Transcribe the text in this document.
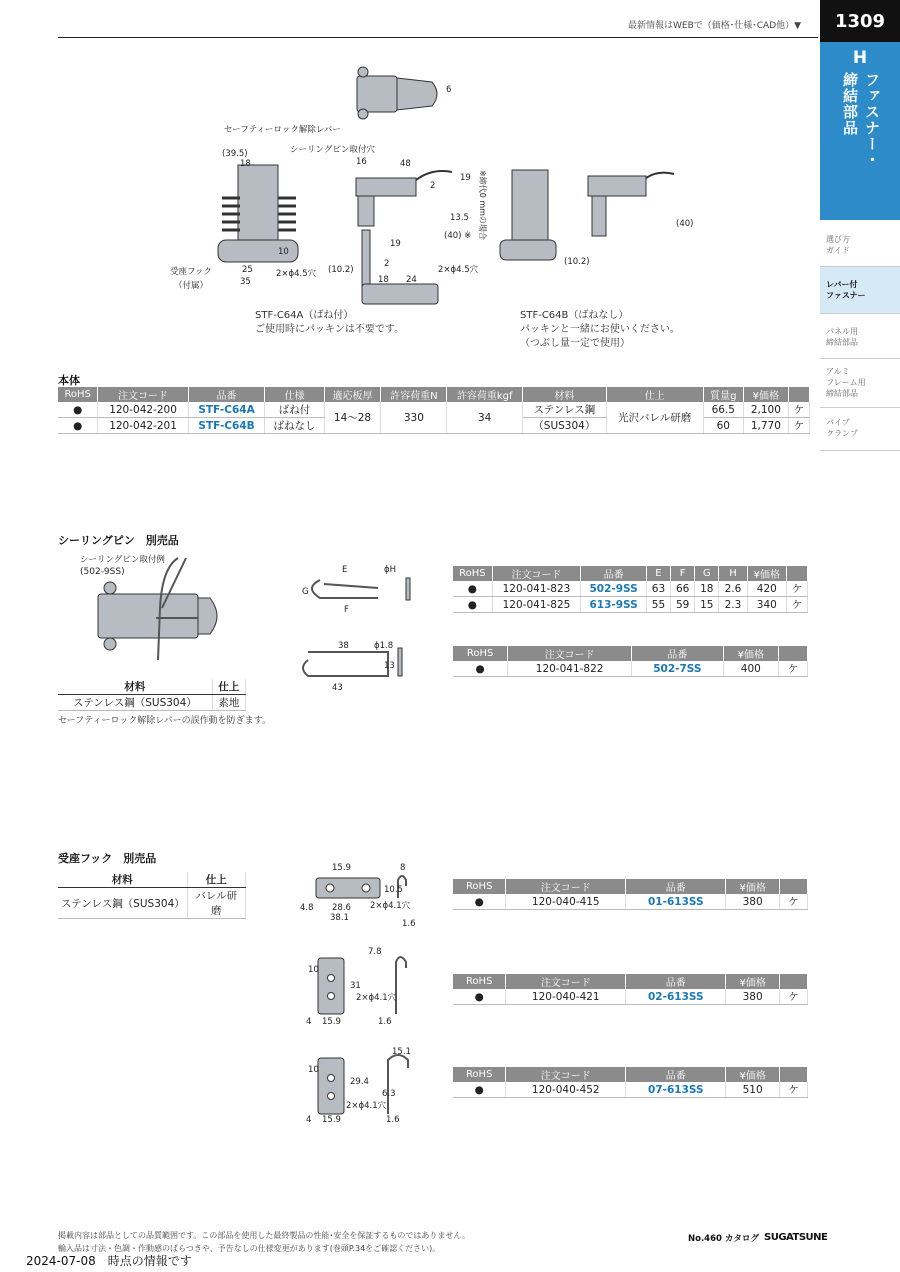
最新情報はWEBで（価格･仕様･CAD他）▼	1309
H
ファスナー・
締結部品
選び方
ガイド
レバー付
ファスナー
パネル用
締結部品
アルミ
フレーム用
締結部品
パイプ
クランプ
セーフティーロック解除レバー
シーリングピン取付穴
受座フック
（付属）
(39.5)
18	16	48
6
2
19
13.5
(40) ※
10
25
35
2×ϕ4.5穴 (10.2)
19
2
18 24
2×ϕ4.5穴
(40)
(10.2)
※締代0 mmの場合
STF-C64A（ばね付）
ご使用時にパッキンは不要です。
STF-C64B（ばねなし）
パッキンと一緒にお使いください。
（つぶし量一定で使用）
本体
RoHS	注文コード	品番	仕様	適応板厚	許容荷重N	許容荷重kgf	材料	仕上	質量g	¥価格	
●	120-042-200	STF-C64A	ばね付	14～28	330	34	ステンレス鋼	光沢バレル研磨	66.5	2,100	ケ
●	120-042-201	STF-C64B	ばねなし				（SUS304）		60	1,770	ケ
シーリングピン　別売品
シーリングピン取付例
(502-9SS)
材料	仕上
ステンレス鋼（SUS304）	素地
セーフティーロック解除レバーの誤作動を防ぎます。
E	ϕH
G
F
38	ϕ1.8
13
43
RoHS	注文コード	品番	E	F	G	H	¥価格	
●	120-041-823	502-9SS	63	66	18	2.6	420	ケ
●	120-041-825	613-9SS	55	59	15	2.3	340	ケ
RoHS	注文コード	品番	¥価格	
●	120-041-822	502-7SS	400	ケ
受座フック　別売品
材料	仕上
ステンレス鋼（SUS304）	バレル研磨
15.9	8
10.5
4.8 28.6 2×ϕ4.1穴
38.1
1.6
7.8
10
31
2×ϕ4.1穴
4 15.9	1.6
15.1
10
29.4
6.3
2×ϕ4.1穴
4 15.9	1.6
RoHS	注文コード	品番	¥価格	
●	120-040-415	01-613SS	380	ケ
RoHS	注文コード	品番	¥価格	
●	120-040-421	02-613SS	380	ケ
RoHS	注文コード	品番	¥価格	
●	120-040-452	07-613SS	510	ケ
掲載内容は部品としての品質範囲です。この部品を使用した最終製品の性能･安全を保証するものではありません。
輸入品は寸法・色調・作動感のばらつきや、予告なしの仕様変更があります(巻頭P.34をご確認ください)。
2024-07-08　時点の情報です
No.460 カタログ SUGATSUNE
